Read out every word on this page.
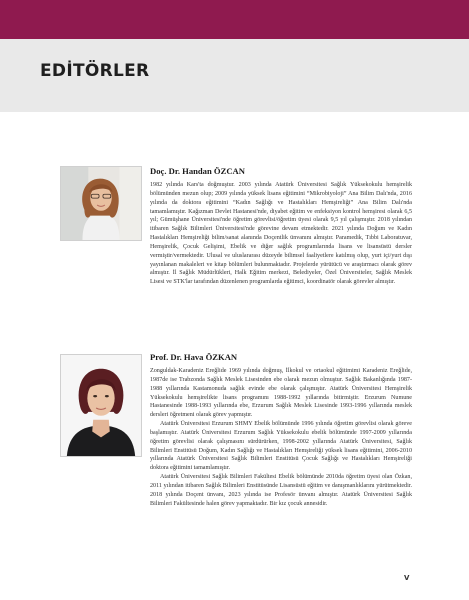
EDİTÖRLER

Doç. Dr. Handan ÖZCAN

1982 yılında Kars'ta doğmuştur. 2003 yılında Atatürk Üniversitesi Sağlık Yüksekokulu hemşirelik bölümünden mezun olup; 2009 yılında yüksek lisans eğitimini “Mikrobiyoloji” Ana Bilim Dalı'nda, 2016 yılında da doktora eğitimini “Kadın Sağlığı ve Hastalıkları Hemşireliği” Ana Bilim Dalı'nda tamamlamıştır. Kağızman Devlet Hastanesi'nde, diyabet eğitim ve enfeksiyon kontrol hemşiresi olarak 6,5 yıl; Gümüşhane Üniversitesi'nde öğretim görevlisi/öğretim üyesi olarak 9,5 yıl çalışmıştır. 2018 yılından itibaren Sağlık Bilimleri Üniversitesi'nde görevine devam etmektedir. 2021 yılında Doğum ve Kadın Hastalıkları Hemşireliği bilim/sanat alanında Doçentlik ünvanını almıştır. Paramedik, Tıbbi Laboratuvar, Hemşirelik, Çocuk Gelişimi, Ebelik ve diğer sağlık programlarında lisans ve lisansüstü dersler vermiştir/vermektedir. Ulusal ve uluslararası düzeyde bilimsel faaliyetlere katılmış olup, yurt içi/yurt dışı yayınlanan makaleleri ve kitap bölümleri bulunmaktadır. Projelerde yürütücü ve araştırmacı olarak görev almıştır. İl Sağlık Müdürlükleri, Halk Eğitim merkezi, Belediyeler, Özel Üniversiteler, Sağlık Meslek Lisesi ve STK'lar tarafından düzenlenen programlarda eğitimci, koordinatör olarak görevler almıştır.

Prof. Dr. Hava ÖZKAN

Zonguldak-Karadeniz Ereğlide 1969 yılında doğmuş, İlkokul ve ortaokul eğitimimi Karadeniz Ereğlide, 1987de ise Trabzonda Sağlık Meslek Lisesinden ebe olarak mezun olmuştur. Sağlık Bakanlığında 1987-1988 yıllarında Kastamonuda sağlık evinde ebe olarak çalışmıştır. Atatürk Üniversitesi Hemşirelik Yüksekokulu hemşirelikte lisans programını 1988-1992 yıllarında bitirmiştir. Erzurum Numune Hastanesinde 1988-1993 yıllarında ebe, Erzurum Sağlık Meslek Lisesinde 1993-1996 yıllarında meslek dersleri öğretmeni olarak görev yapmıştır.

Atatürk Üniversitesi Erzurum SHMY Ebelik bölümünde 1996 yılında öğretim görevlisi olarak göreve başlamıştır. Atatürk Üniversitesi Erzurum Sağlık Yüksekokulu ebelik bölümünde 1997-2009 yıllarında öğretim görevlisi olarak çalışmasını sürdürürken, 1998-2002 yıllarında Atatürk Üniversitesi, Sağlık Bilimleri Enstitüsü Doğum, Kadın Sağlığı ve Hastalıkları Hemşireliği yüksek lisans eğitimini, 2006-2010 yıllarında Atatürk Üniversitesi Sağlık Bilimleri Enstitüsü Çocuk Sağlığı ve Hastalıkları Hemşireliği doktora eğitimini tamamlamıştır.

Atatürk Üniversitesi Sağlık Bilimleri Fakültesi Ebelik bölümünde 2010da öğretim üyesi olan Özkan, 2011 yılından itibaren Sağlık Bilimleri Enstitüsünde Lisansüstü eğitim ve danışmanlıklarını yürütmektedir. 2018 yılında Doçent ünvanı, 2023 yılında ise Profesör ünvanı almıştır. Atatürk Üniversitesi Sağlık Bilimleri Fakültesinde halen görev yapmaktadır. Bir kız çocuk annesidir.

V
